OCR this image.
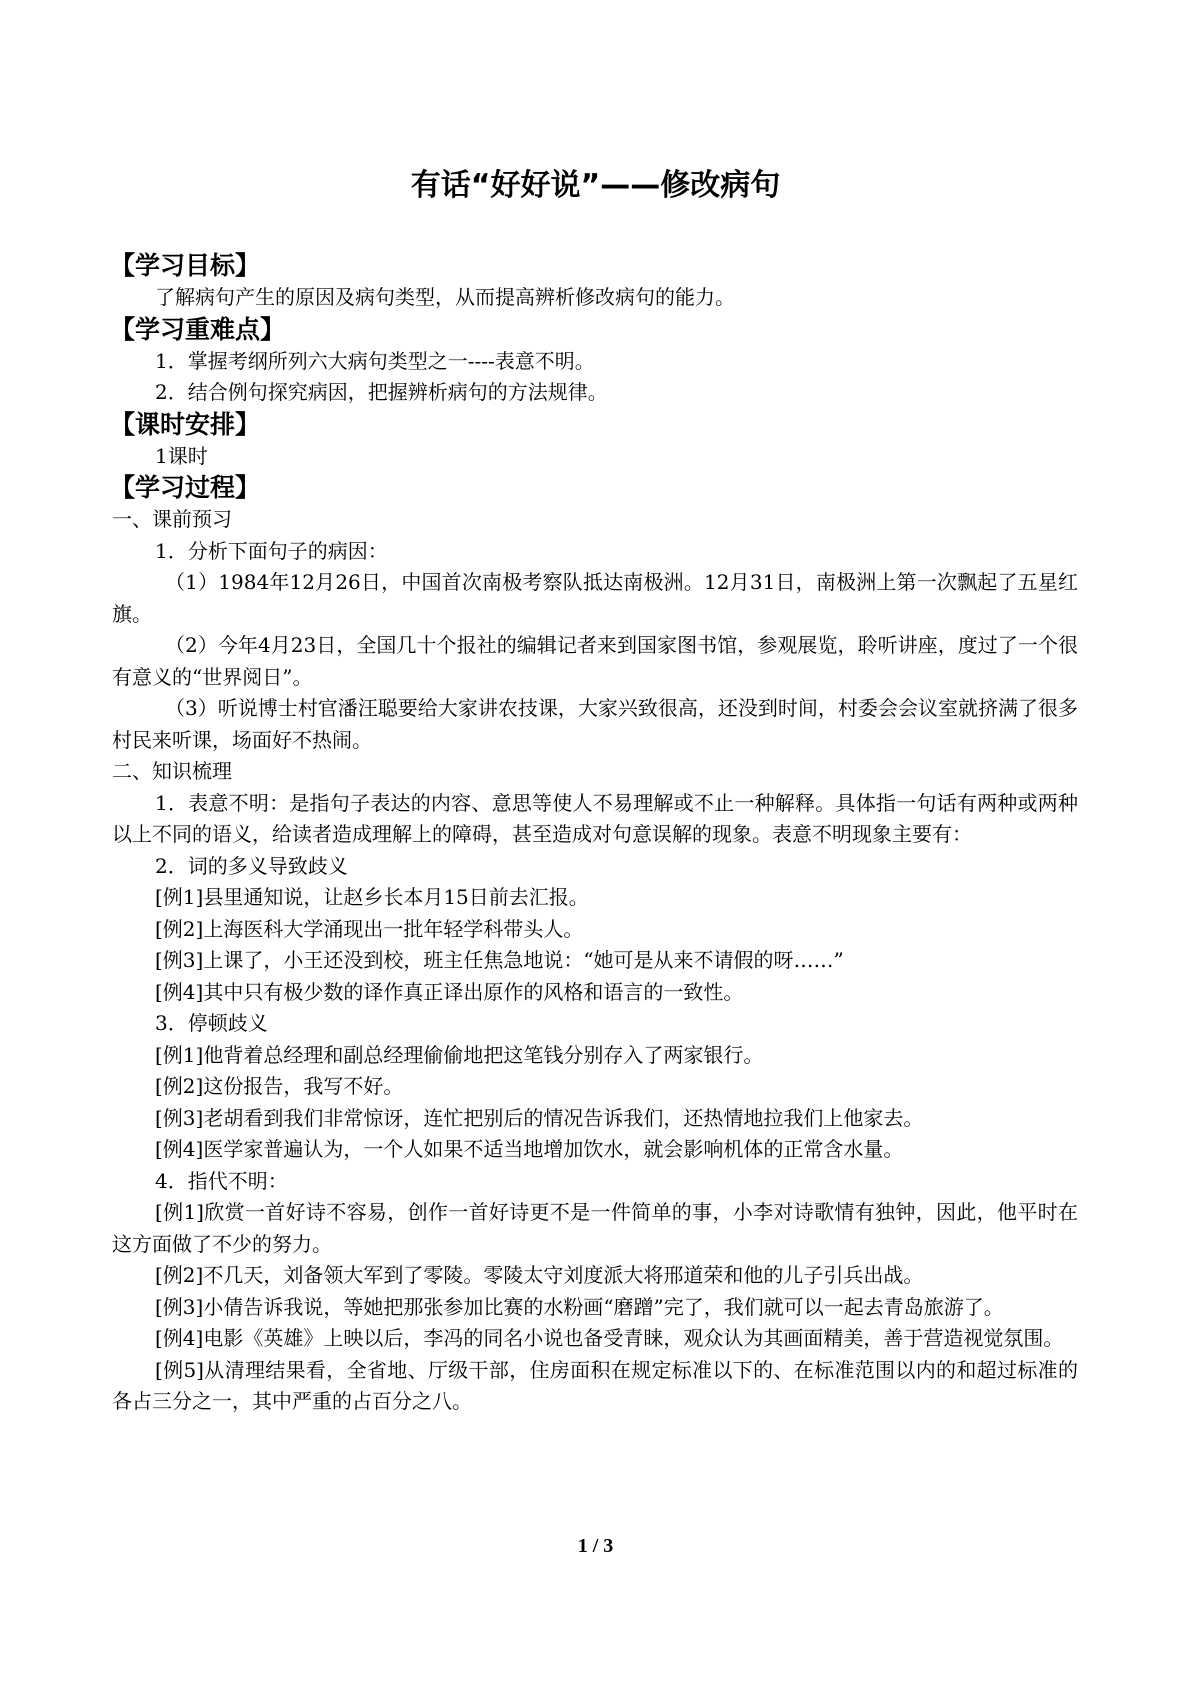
有话“好好说”——修改病句
【学习目标】

了解病句产生的原因及病句类型，从而提高辨析修改病句的能力。

【学习重难点】

1．掌握考纲所列六大病句类型之一----表意不明。

2．结合例句探究病因，把握辨析病句的方法规律。

【课时安排】

1课时

【学习过程】

一、课前预习

1．分析下面句子的病因：

（1）1984年12月26日，中国首次南极考察队抵达南极洲。12月31日，南极洲上第一次飘起了五星红旗。

（2）今年4月23日，全国几十个报社的编辑记者来到国家图书馆，参观展览，聆听讲座，度过了一个很有意义的“世界阅日”。

（3）听说博士村官潘汪聪要给大家讲农技课，大家兴致很高，还没到时间，村委会会议室就挤满了很多村民来听课，场面好不热闹。

二、知识梳理

1．表意不明：是指句子表达的内容、意思等使人不易理解或不止一种解释。具体指一句话有两种或两种以上不同的语义，给读者造成理解上的障碍，甚至造成对句意误解的现象。表意不明现象主要有：

2．词的多义导致歧义

[例1]县里通知说，让赵乡长本月15日前去汇报。

[例2]上海医科大学涌现出一批年轻学科带头人。

[例3]上课了，小王还没到校，班主任焦急地说：“她可是从来不请假的呀……”

[例4]其中只有极少数的译作真正译出原作的风格和语言的一致性。

3．停顿歧义

[例1]他背着总经理和副总经理偷偷地把这笔钱分别存入了两家银行。

[例2]这份报告，我写不好。

[例3]老胡看到我们非常惊讶，连忙把别后的情况告诉我们，还热情地拉我们上他家去。

[例4]医学家普遍认为，一个人如果不适当地增加饮水，就会影响机体的正常含水量。

4．指代不明：

[例1]欣赏一首好诗不容易，创作一首好诗更不是一件简单的事，小李对诗歌情有独钟，因此，他平时在这方面做了不少的努力。

[例2]不几天，刘备领大军到了零陵。零陵太守刘度派大将邢道荣和他的儿子引兵出战。

[例3]小倩告诉我说，等她把那张参加比赛的水粉画“磨蹭”完了，我们就可以一起去青岛旅游了。

[例4]电影《英雄》上映以后，李冯的同名小说也备受青睐，观众认为其画面精美，善于营造视觉氛围。

[例5]从清理结果看，全省地、厅级干部，住房面积在规定标准以下的、在标准范围以内的和超过标准的各占三分之一，其中严重的占百分之八。

1 / 3
